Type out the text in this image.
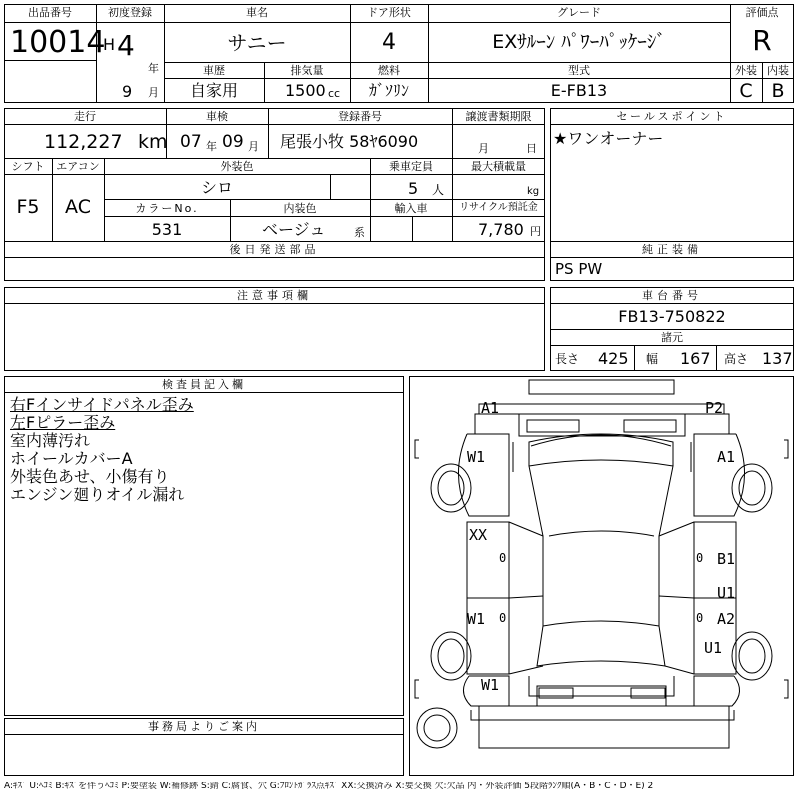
出品番号
10014
初度登録
H 4
年
9 月
車名
サニー
ドア形状
4
グレード
EXｻﾙｰﾝ ﾊﾟﾜｰﾊﾟｯｹｰｼﾞ
評価点
R
外装 内装
C B
車歴
自家用
排気量
1500 cc
燃料
ｶﾞｿﾘﾝ
型式
E-FB13
走行
112,227 km
車検
07 年 09 月
登録番号
尾張小牧 58ﾔ6090
譲渡書類期限
月	日
シフト
F5
エアコン
AC
外装色
シロ
乗車定員
5 人
最大積載量
kg
カラーNo.
531
内装色
ベージュ	系
輸入車	リサイクル預託金
7,780 円
後日発送部品
セールスポイント
★ワンオーナー
純正装備
PS PW
注意事項欄	車台番号
FB13-750822
諸元
長さ 425 幅 167 高さ 137
検査員記入欄
右Fインサイドパネル歪み
左Fピラー歪み
室内薄汚れ
ホイールカバーA
外装色あせ、小傷有り
エンジン廻りオイル漏れ
事務局よりご案内
A1	P2
W1	A1
XX
0	B1
0
U1
W1 0	A2
0
U1
W1
A:ｷｽﾞ U:ﾍｺﾐ B:ｷｽﾞを伴うﾍｺﾐ P:要塗装 W:補修跡 S:錆 C:腐食、穴 G:ﾌﾛﾝﾄｶﾞﾗｽ点ｷｽﾞ XX:交換済み X:要交換 欠:欠品 内・外装評価 5段階ﾗﾝｸ順(A・B・C・D・E) 2
